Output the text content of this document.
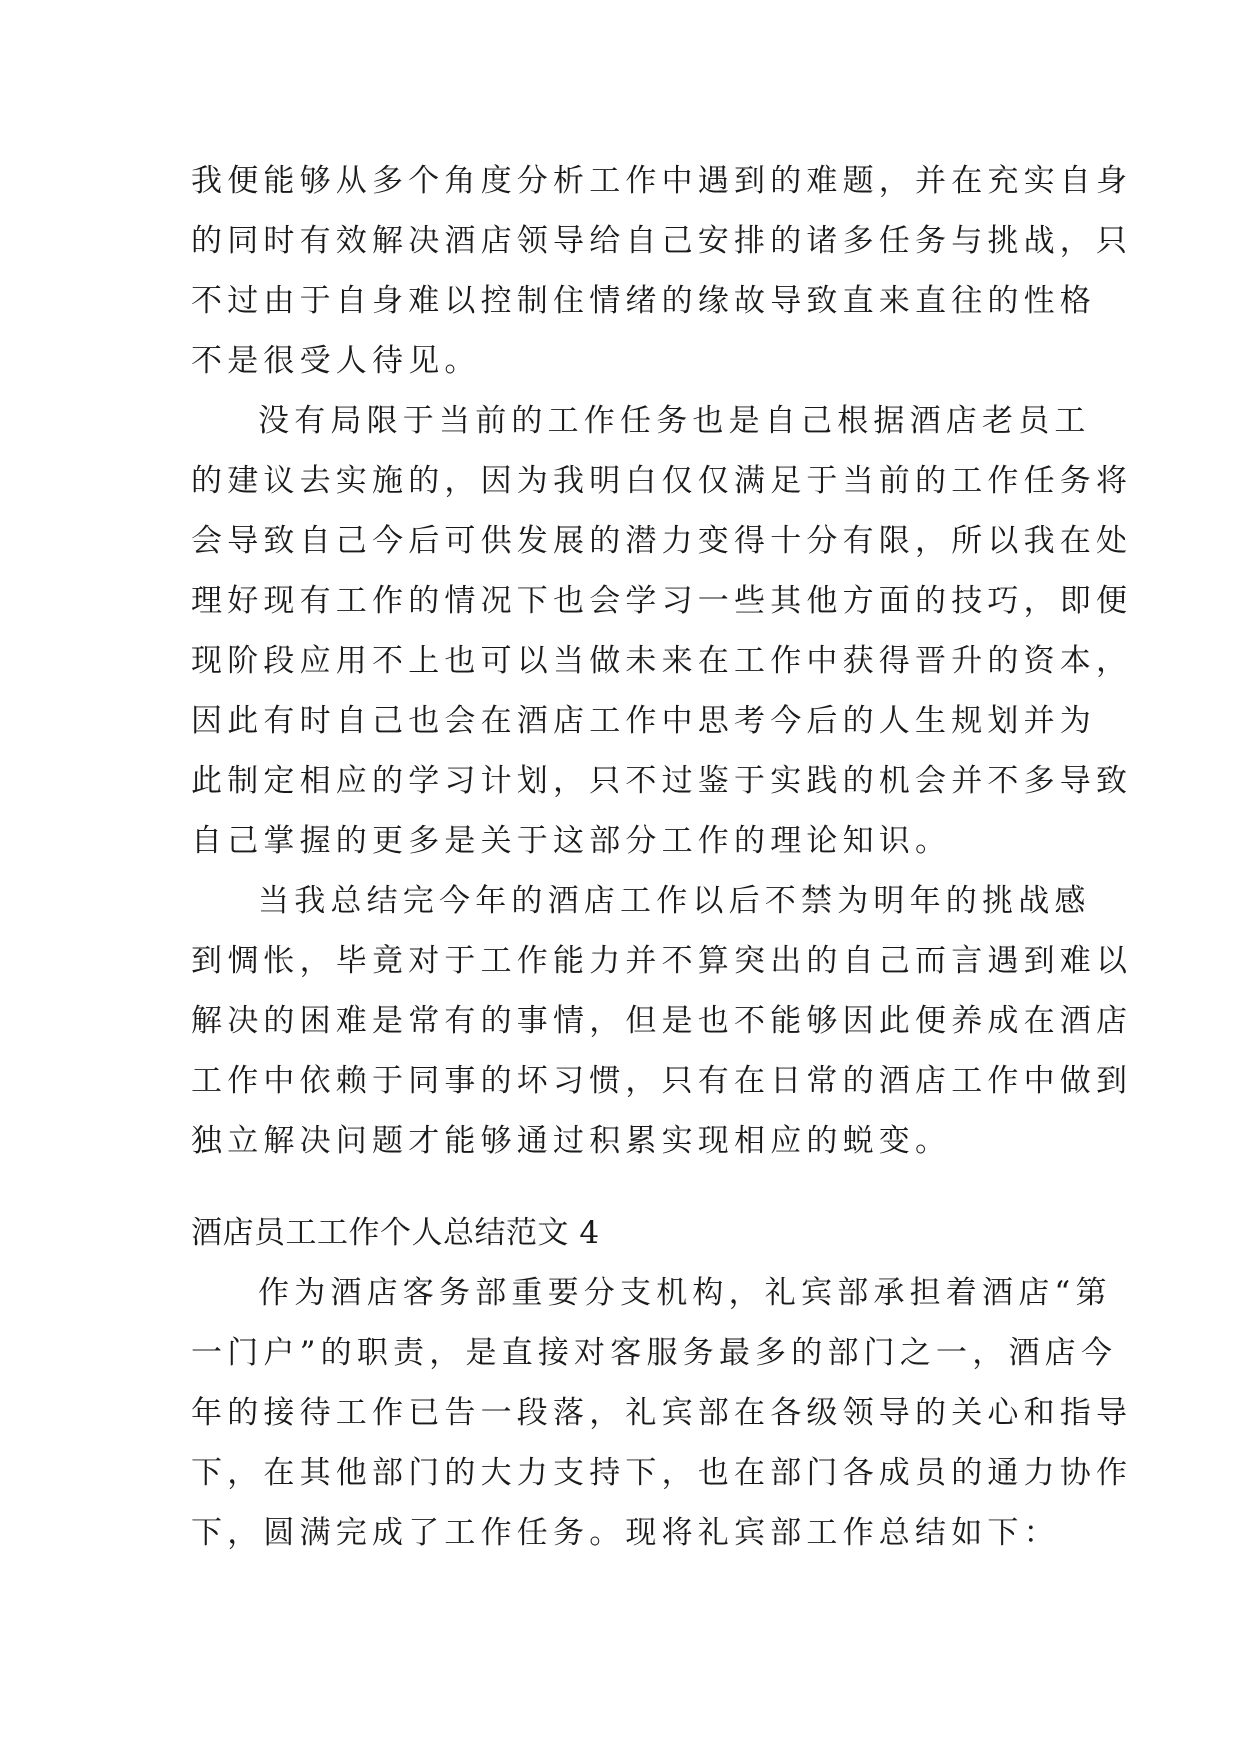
我便能够从多个角度分析工作中遇到的难题，并在充实自身
的同时有效解决酒店领导给自己安排的诸多任务与挑战，只
不过由于自身难以控制住情绪的缘故导致直来直往的性格
不是很受人待见。
没有局限于当前的工作任务也是自己根据酒店老员工
的建议去实施的，因为我明白仅仅满足于当前的工作任务将
会导致自己今后可供发展的潜力变得十分有限，所以我在处
理好现有工作的情况下也会学习一些其他方面的技巧，即便
现阶段应用不上也可以当做未来在工作中获得晋升的资本，
因此有时自己也会在酒店工作中思考今后的人生规划并为
此制定相应的学习计划，只不过鉴于实践的机会并不多导致
自己掌握的更多是关于这部分工作的理论知识。
当我总结完今年的酒店工作以后不禁为明年的挑战感
到惆怅，毕竟对于工作能力并不算突出的自己而言遇到难以
解决的困难是常有的事情，但是也不能够因此便养成在酒店
工作中依赖于同事的坏习惯，只有在日常的酒店工作中做到
独立解决问题才能够通过积累实现相应的蜕变。
酒店员工工作个人总结范文 4
作为酒店客务部重要分支机构，礼宾部承担着酒店“第
一门户”的职责，是直接对客服务最多的部门之一，酒店今
年的接待工作已告一段落，礼宾部在各级领导的关心和指导
下，在其他部门的大力支持下，也在部门各成员的通力协作
下，圆满完成了工作任务。现将礼宾部工作总结如下：
